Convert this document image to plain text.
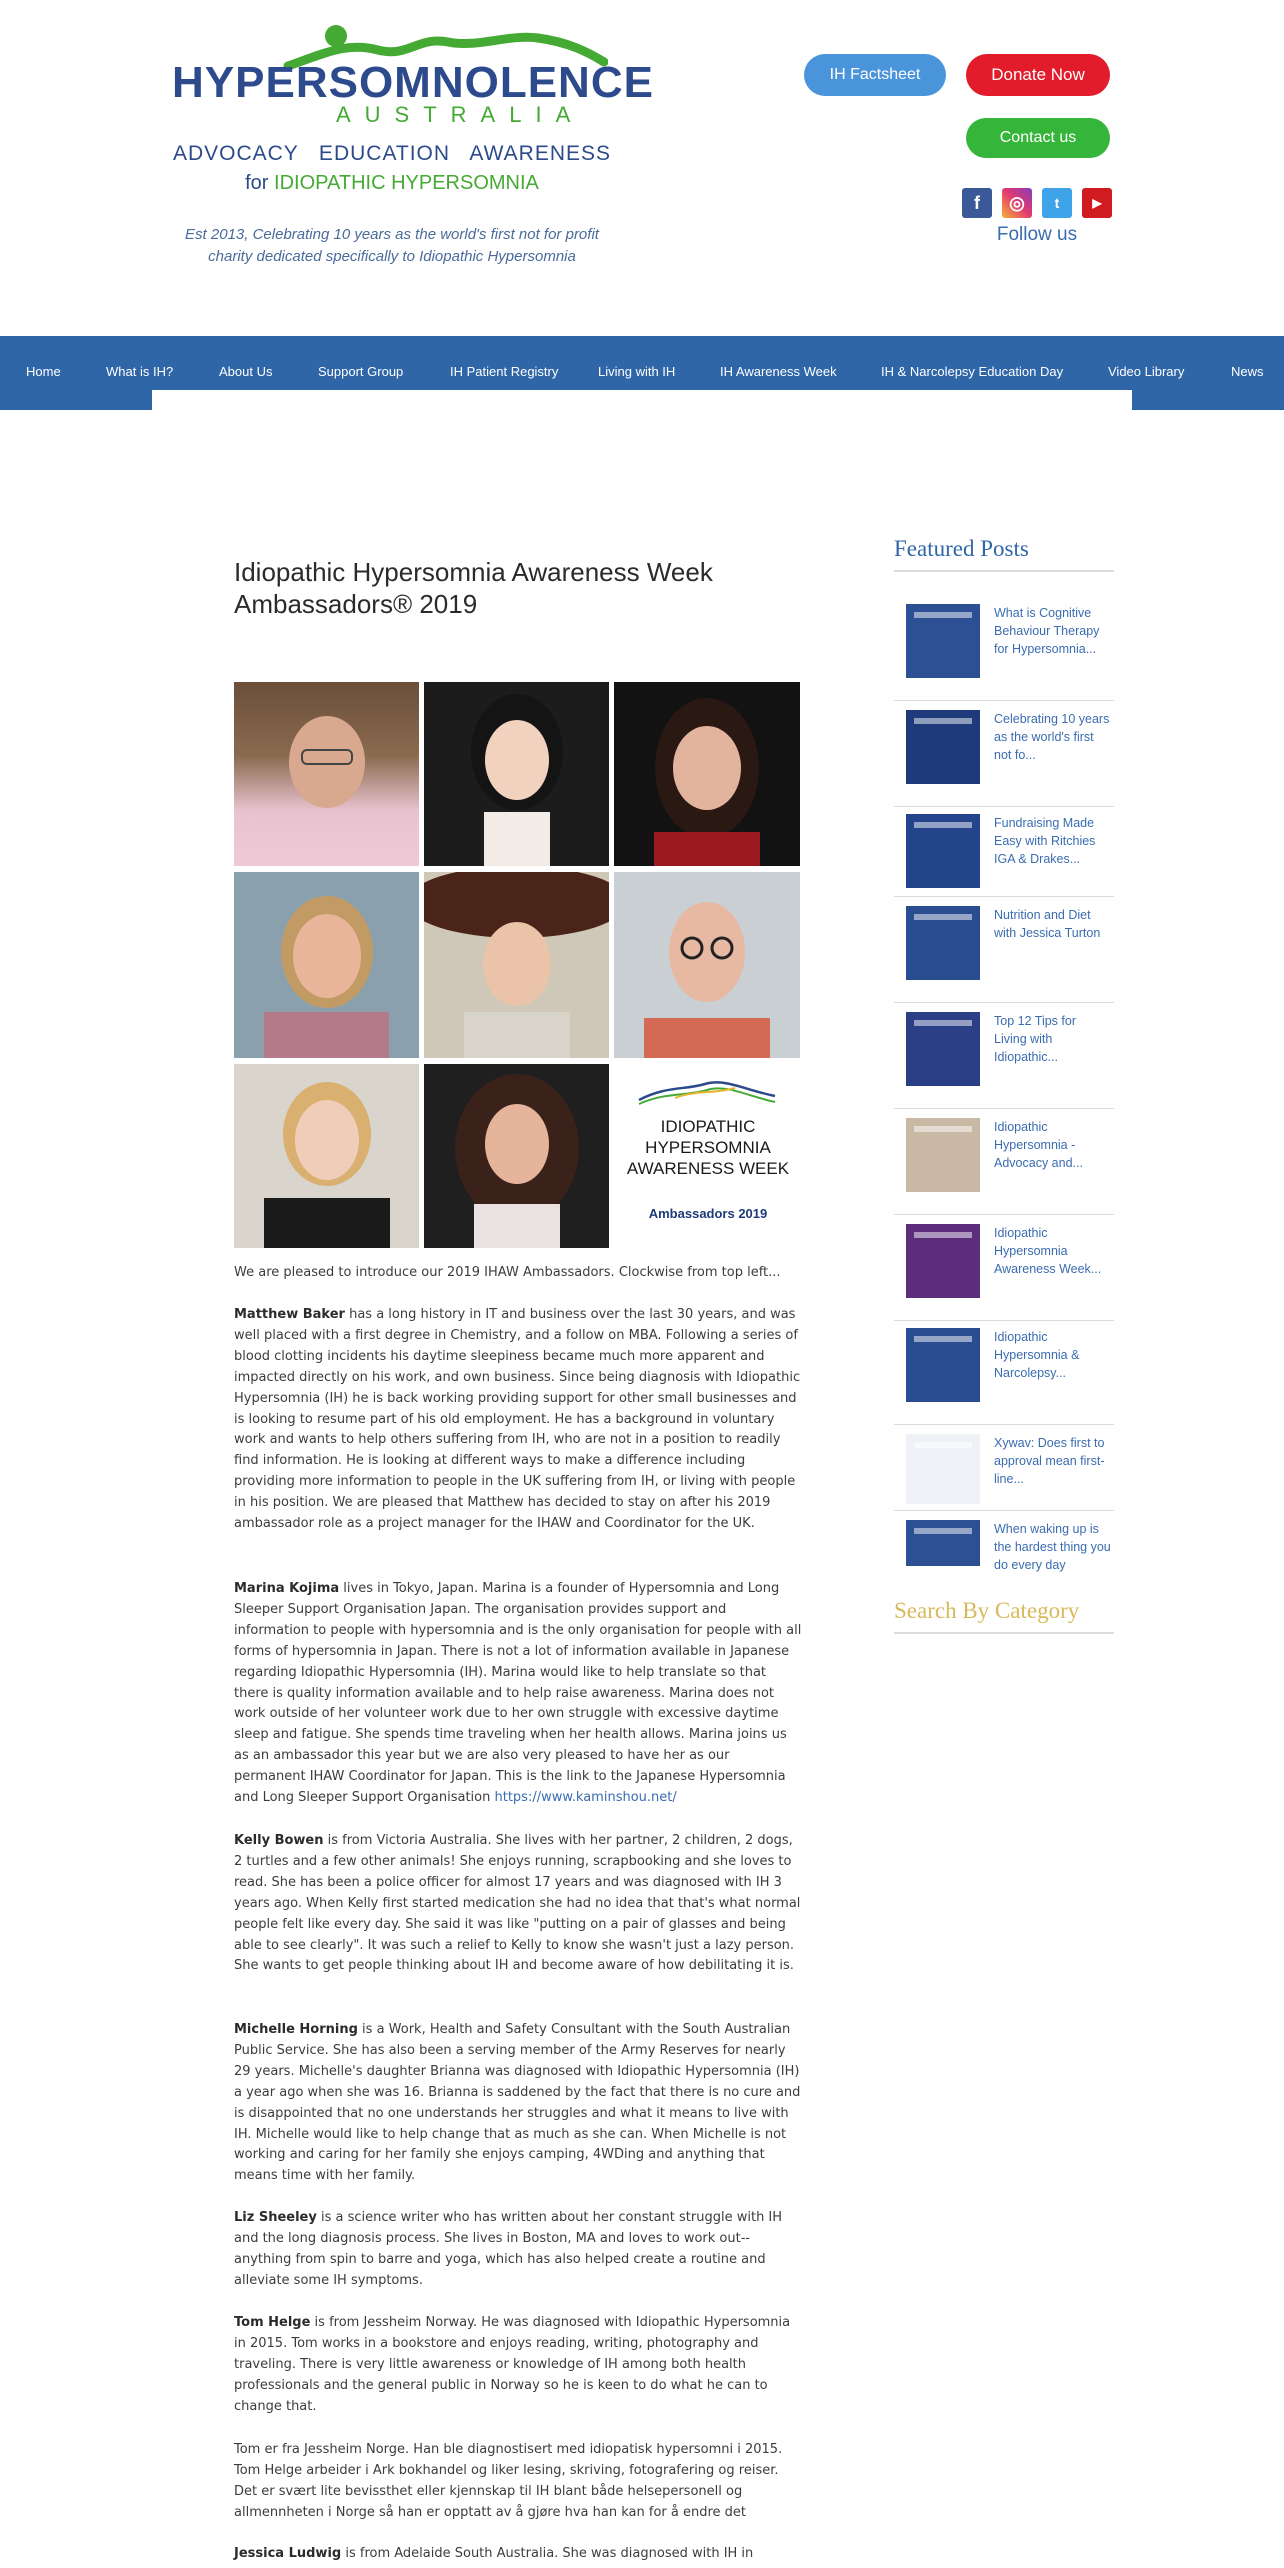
HYPERSOMNOLENCE
AUSTRALIA
ADVOCACY   EDUCATION   AWARENESS
for IDIOPATHIC HYPERSOMNIA
Est 2013, Celebrating 10 years as the world's first not for profit charity dedicated specifically to Idiopathic Hypersomnia
IH Factsheet	Donate Now
Contact us
f	◎	t	▶
Follow us
Home	What is IH?	About Us	Support Group	IH Patient Registry	Living with IH	IH Awareness Week	IH & Narcolepsy Education Day	Video Library	News
Idiopathic Hypersomnia Awareness Week Ambassadors® 2019
IDIOPATHIC HYPERSOMNIA AWARENESS WEEK
Ambassadors 2019
We are pleased to introduce our 2019 IHAW Ambassadors. Clockwise from top left...
Matthew Baker has a long history in IT and business over the last 30 years, and was well placed with a first degree in Chemistry, and a follow on MBA. Following a series of blood clotting incidents his daytime sleepiness became much more apparent and impacted directly on his work, and own business. Since being diagnosis with Idiopathic Hypersomnia (IH) he is back working providing support for other small businesses and is looking to resume part of his old employment. He has a background in voluntary work and wants to help others suffering from IH, who are not in a position to readily find information. He is looking at different ways to make a difference including providing more information to people in the UK suffering from IH, or living with people in his position. We are pleased that Matthew has decided to stay on after his 2019 ambassador role as a project manager for the IHAW and Coordinator for the UK.
Marina Kojima lives in Tokyo, Japan. Marina is a founder of Hypersomnia and Long Sleeper Support Organisation Japan. The organisation provides support and information to people with hypersomnia and is the only organisation for people with all forms of hypersomnia in Japan. There is not a lot of information available in Japanese regarding Idiopathic Hypersomnia (IH). Marina would like to help translate so that there is quality information available and to help raise awareness. Marina does not work outside of her volunteer work due to her own struggle with excessive daytime sleep and fatigue. She spends time traveling when her health allows. Marina joins us as an ambassador this year but we are also very pleased to have her as our permanent IHAW Coordinator for Japan. This is the link to the Japanese Hypersomnia and Long Sleeper Support Organisation https://www.kaminshou.net/
Kelly Bowen is from Victoria Australia. She lives with her partner, 2 children, 2 dogs, 2 turtles and a few other animals! She enjoys running, scrapbooking and she loves to read. She has been a police officer for almost 17 years and was diagnosed with IH 3 years ago. When Kelly first started medication she had no idea that that's what normal people felt like every day. She said it was like "putting on a pair of glasses and being able to see clearly". It was such a relief to Kelly to know she wasn't just a lazy person. She wants to get people thinking about IH and become aware of how debilitating it is.
Michelle Horning is a Work, Health and Safety Consultant with the South Australian Public Service. She has also been a serving member of the Army Reserves for nearly 29 years. Michelle's daughter Brianna was diagnosed with Idiopathic Hypersomnia (IH) a year ago when she was 16. Brianna is saddened by the fact that there is no cure and is disappointed that no one understands her struggles and what it means to live with IH. Michelle would like to help change that as much as she can. When Michelle is not working and caring for her family she enjoys camping, 4WDing and anything that means time with her family.
Liz Sheeley is a science writer who has written about her constant struggle with IH and the long diagnosis process. She lives in Boston, MA and loves to work out--anything from spin to barre and yoga, which has also helped create a routine and alleviate some IH symptoms.
Tom Helge is from Jessheim Norway. He was diagnosed with Idiopathic Hypersomnia in 2015. Tom works in a bookstore and enjoys reading, writing, photography and traveling. There is very little awareness or knowledge of IH among both health professionals and the general public in Norway so he is keen to do what he can to change that.
Tom er fra Jessheim Norge. Han ble diagnostisert med idiopatisk hypersomni i 2015. Tom Helge arbeider i Ark bokhandel og liker lesing, skriving, fotografering og reiser. Det er svært lite bevissthet eller kjennskap til IH blant både helsepersonell og allmennheten i Norge så han er opptatt av å gjøre hva han kan for å endre det
Jessica Ludwig is from Adelaide South Australia. She was diagnosed with IH in
Featured Posts
What is Cognitive Behaviour Therapy for Hypersomnia...
Celebrating 10 years as the world's first not fo...
Fundraising Made Easy with Ritchies IGA & Drakes...
Nutrition and Diet with Jessica Turton
Top 12 Tips for Living with Idiopathic...
Idiopathic Hypersomnia - Advocacy and...
Idiopathic Hypersomnia Awareness Week...
Idiopathic Hypersomnia & Narcolepsy...
Xywav: Does first to approval mean first-line...
When waking up is the hardest thing you do every day
Search By Category
